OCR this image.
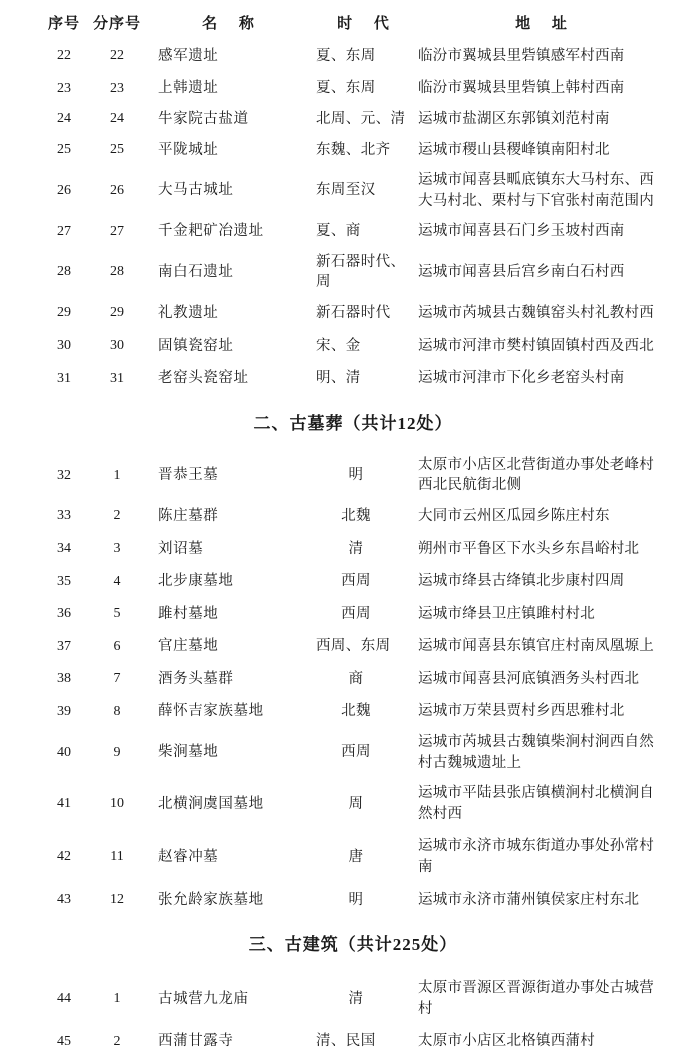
序号	分序号	名 称	时 代	地 址
22	22	感军遗址	夏、东周	临汾市翼城县里砦镇感军村西南
23	23	上韩遗址	夏、东周	临汾市翼城县里砦镇上韩村西南
24	24	牛家院古盐道	北周、元、清	运城市盐湖区东郭镇刘范村南
25	25	平陇城址	东魏、北齐	运城市稷山县稷峰镇南阳村北
26	26	大马古城址	东周至汉	运城市闻喜县畖底镇东大马村东、西大马村北、栗村与下官张村南范围内
27	27	千金耙矿冶遗址	夏、商	运城市闻喜县石门乡玉坡村西南
28	28	南白石遗址	新石器时代、周	运城市闻喜县后宫乡南白石村西
29	29	礼教遗址	新石器时代	运城市芮城县古魏镇窑头村礼教村西
30	30	固镇瓷窑址	宋、金	运城市河津市樊村镇固镇村西及西北
31	31	老窑头瓷窑址	明、清	运城市河津市下化乡老窑头村南
二、古墓葬（共计12处）				
32	1	晋恭王墓	明	太原市小店区北营街道办事处老峰村西北民航街北侧
33	2	陈庄墓群	北魏	大同市云州区瓜园乡陈庄村东
34	3	刘诏墓	清	朔州市平鲁区下水头乡东昌峪村北
35	4	北步康墓地	西周	运城市绛县古绛镇北步康村四周
36	5	雎村墓地	西周	运城市绛县卫庄镇雎村村北
37	6	官庄墓地	西周、东周	运城市闻喜县东镇官庄村南凤凰塬上
38	7	酒务头墓群	商	运城市闻喜县河底镇酒务头村西北
39	8	薛怀吉家族墓地	北魏	运城市万荣县贾村乡西思雅村北
40	9	柴涧墓地	西周	运城市芮城县古魏镇柴涧村涧西自然村古魏城遗址上
41	10	北横涧虞国墓地	周	运城市平陆县张店镇横涧村北横涧自然村西
42	11	赵睿冲墓	唐	运城市永济市城东街道办事处孙常村南
43	12	张允龄家族墓地	明	运城市永济市蒲州镇侯家庄村东北
三、古建筑（共计225处）				
44	1	古城营九龙庙	清	太原市晋源区晋源街道办事处古城营村
45	2	西蒲甘露寺	清、民国	太原市小店区北格镇西蒲村
